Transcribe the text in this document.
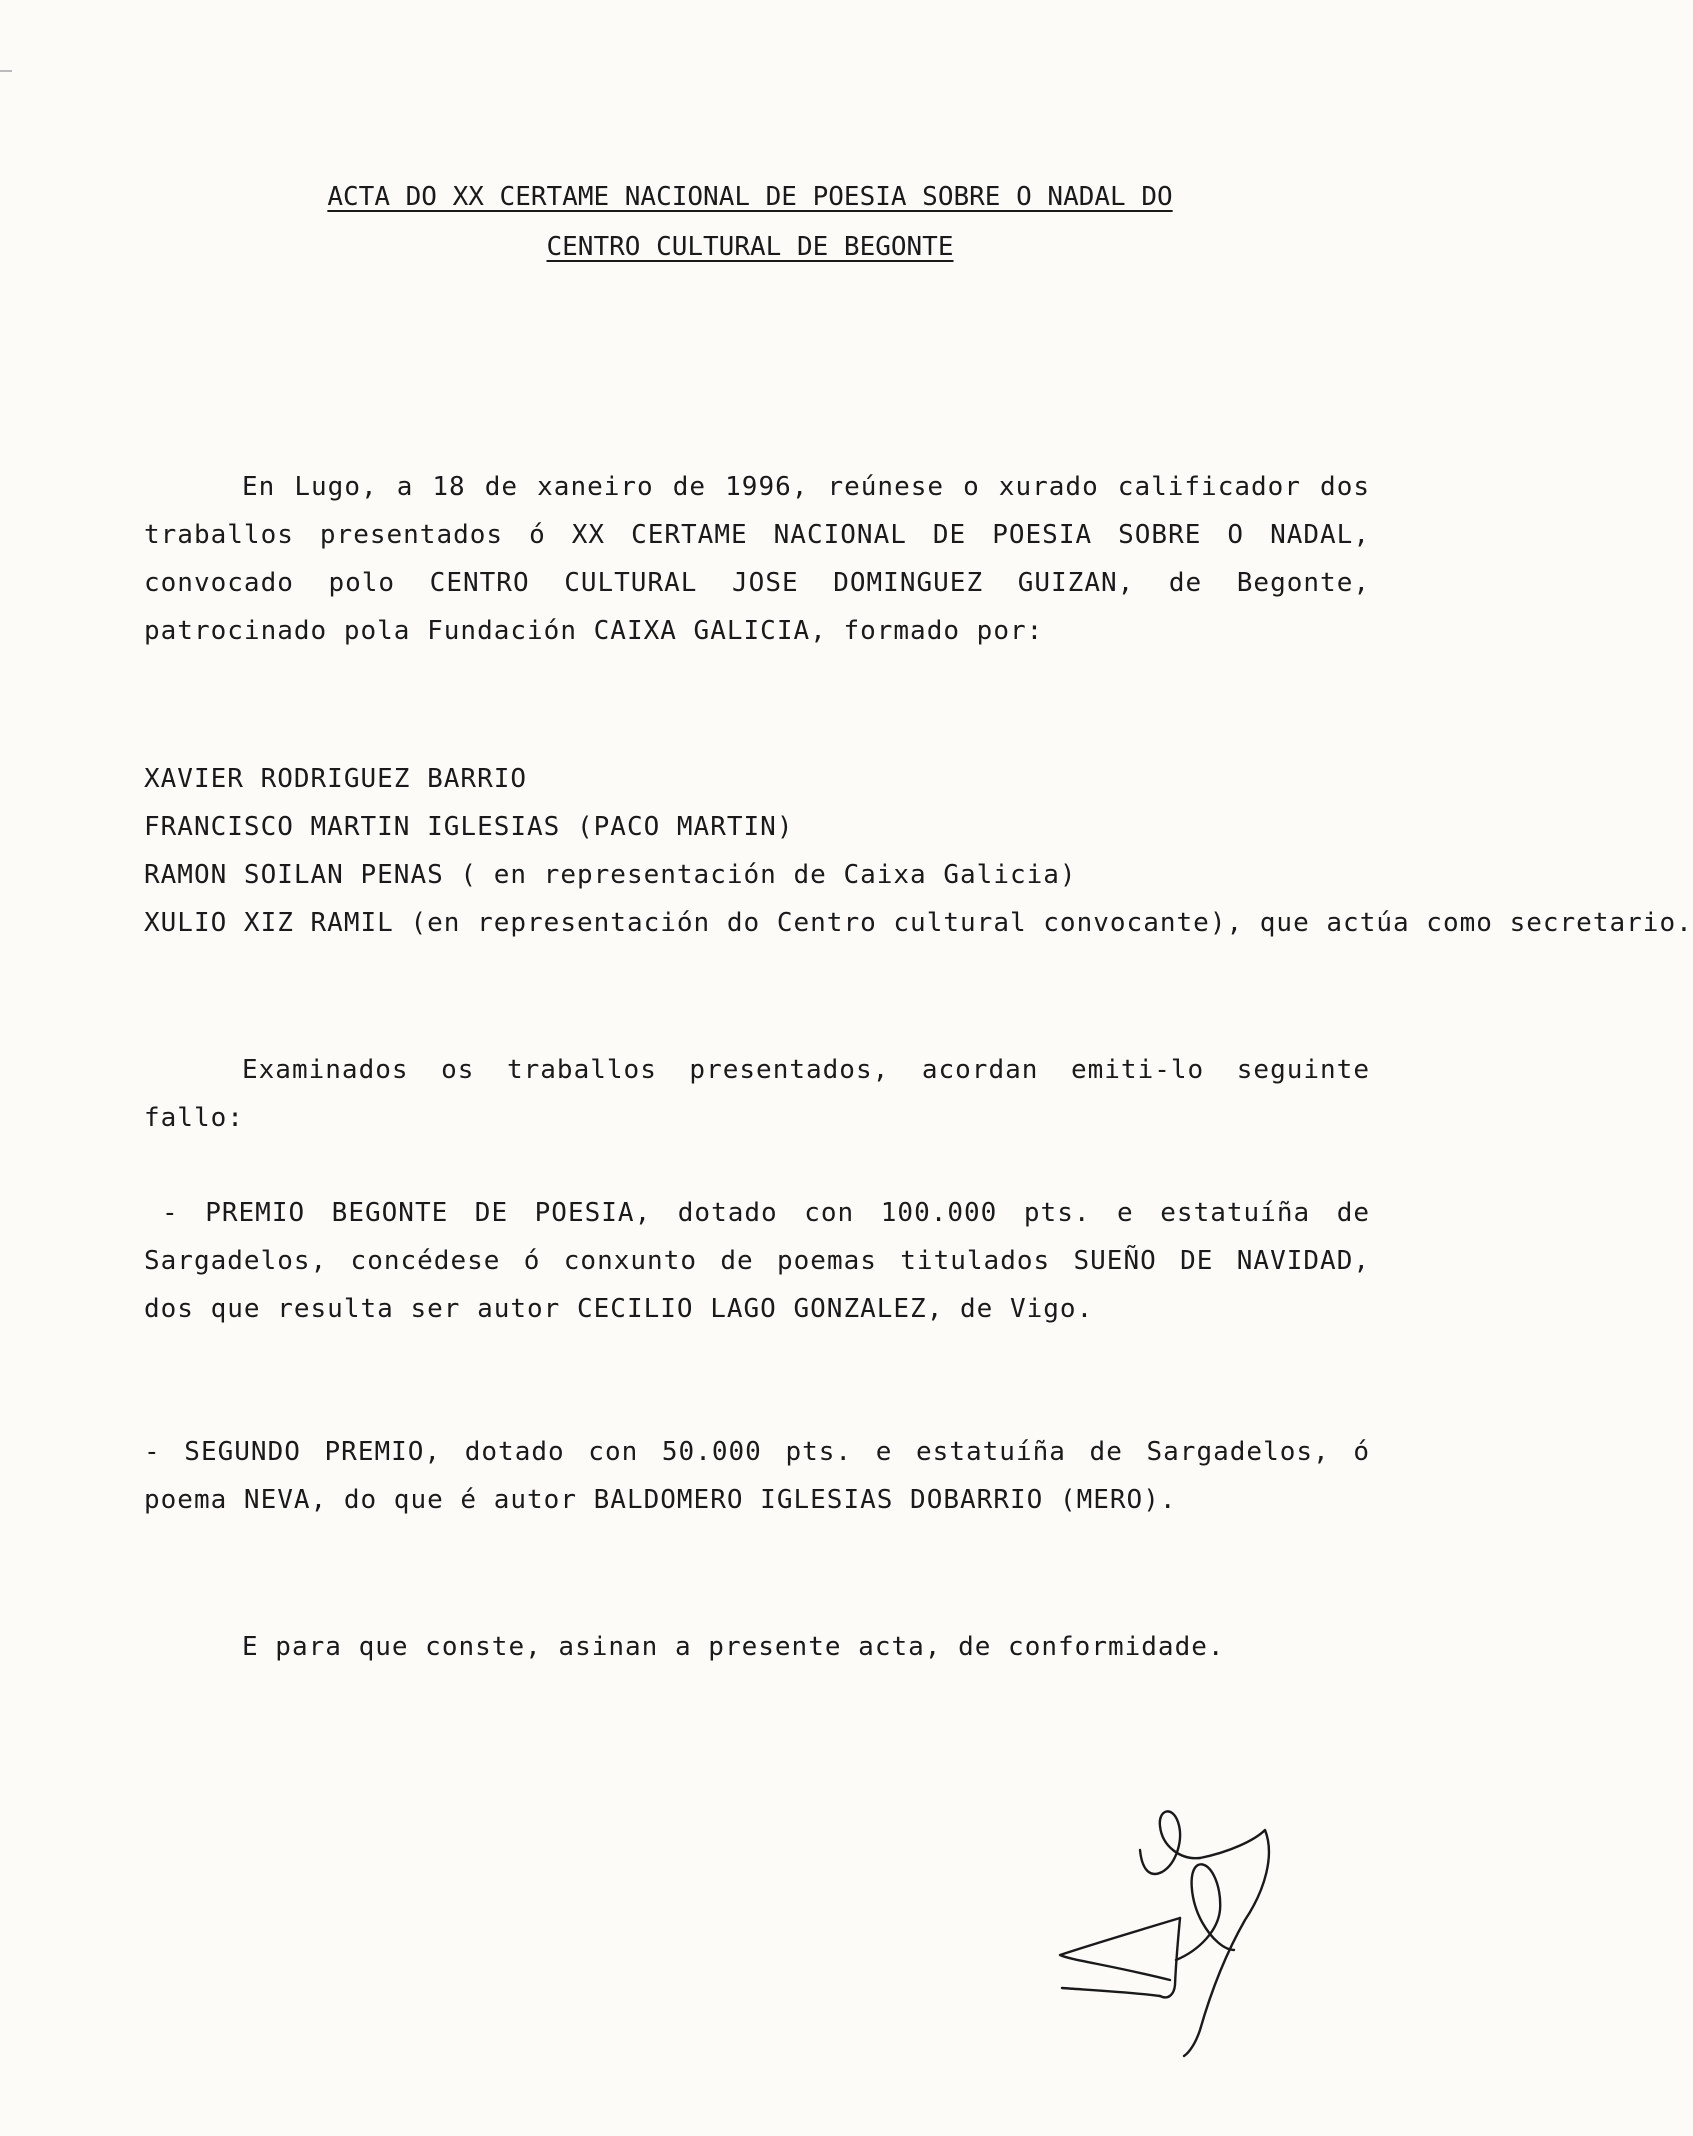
ACTA DO XX CERTAME NACIONAL DE POESIA SOBRE O NADAL DO
CENTRO CULTURAL DE BEGONTE
En Lugo, a 18 de xaneiro de 1996, reúnese o xurado calificador dos traballos presentados ó XX CERTAME NACIONAL DE POESIA SOBRE O NADAL, convocado polo CENTRO CULTURAL JOSE DOMINGUEZ GUIZAN, de Begonte, patrocinado pola Fundación CAIXA GALICIA, formado por:
XAVIER RODRIGUEZ BARRIO
FRANCISCO MARTIN IGLESIAS (PACO MARTIN)
RAMON SOILAN PENAS ( en representación de Caixa Galicia)
XULIO XIZ RAMIL (en representación do Centro cultural convocante), que actúa como secretario.
Examinados os traballos presentados, acordan emiti-lo seguinte fallo:
- PREMIO BEGONTE DE POESIA, dotado con 100.000 pts. e estatuíña de Sargadelos, concédese ó conxunto de poemas titulados SUEÑO DE NAVIDAD, dos que resulta ser autor CECILIO LAGO GONZALEZ, de Vigo.
- SEGUNDO PREMIO, dotado con 50.000 pts. e estatuíña de Sargadelos, ó poema NEVA, do que é autor BALDOMERO IGLESIAS DOBARRIO (MERO).
E para que conste, asinan a presente acta, de conformidade.
